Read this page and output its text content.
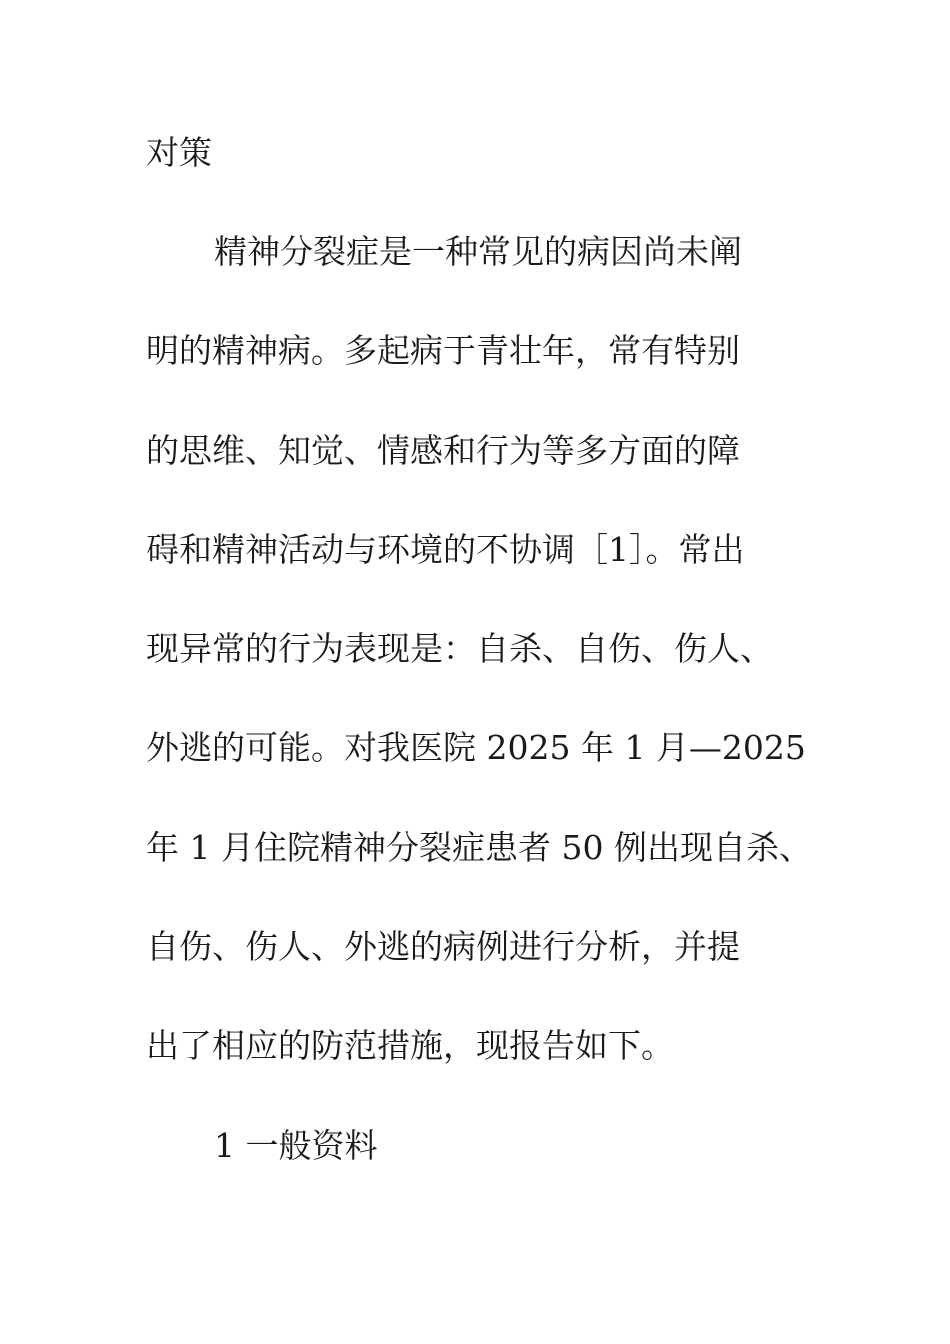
对策
精神分裂症是一种常见的病因尚未阐
明的精神病。多起病于青壮年，常有特别
的思维、知觉、情感和行为等多方面的障
碍和精神活动与环境的不协调［1］。常出
现异常的行为表现是：自杀、自伤、伤人、
外逃的可能。对我医院 2025 年 1 月—2025
年 1 月住院精神分裂症患者 50 例出现自杀、
自伤、伤人、外逃的病例进行分析，并提
出了相应的防范措施，现报告如下。
1 一般资料
